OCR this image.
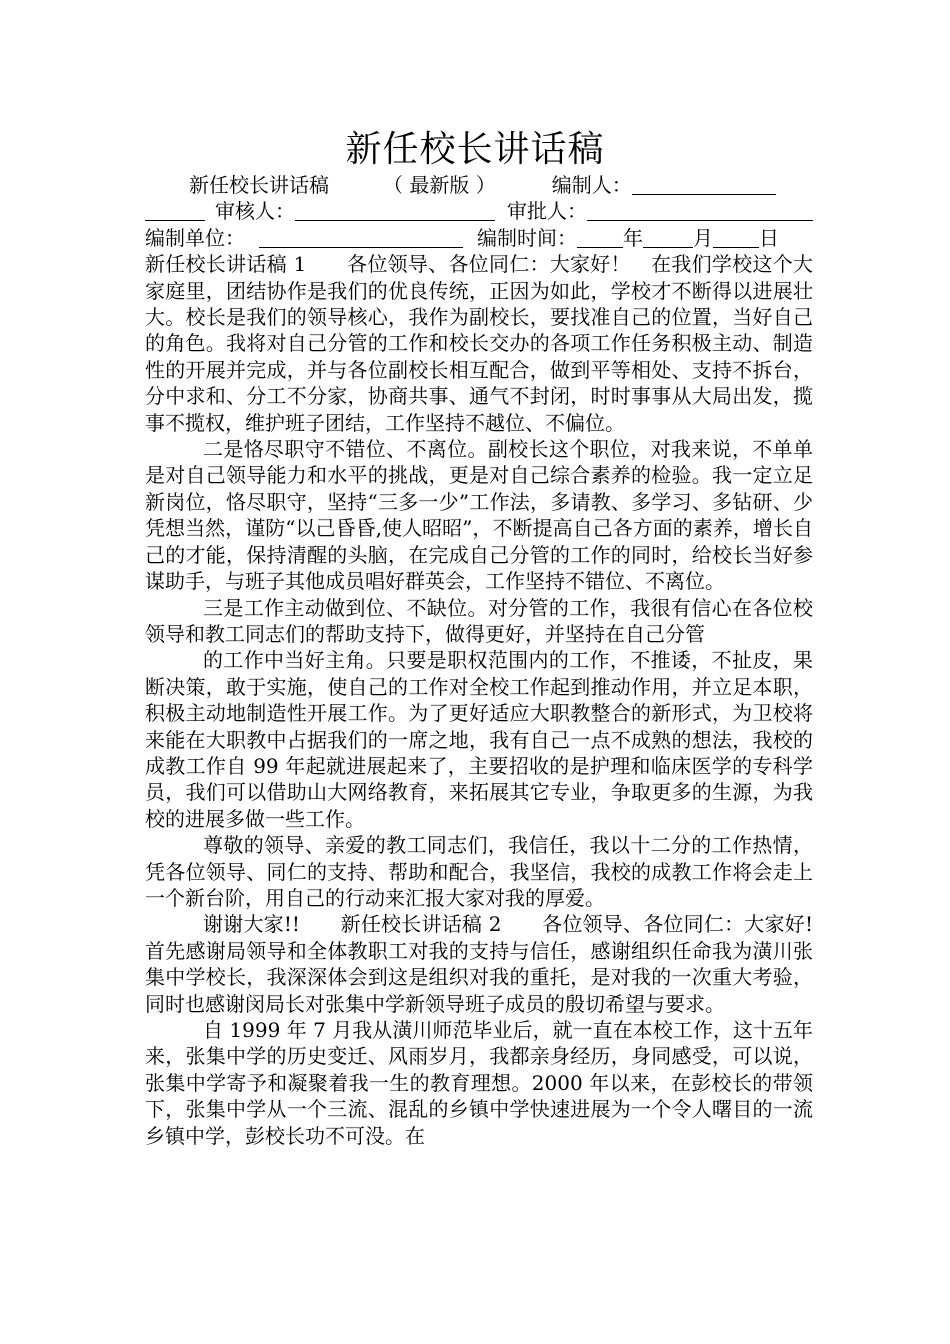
新任校长讲话稿

新任校长讲话稿	（ 最新版 ）	编制人：

审核人：	审批人：

编制单位：	编制时间： 年	月 日

新任校长讲话稿 1　　各位领导、各位同仁：大家好！　在我们学校这个大家庭里，团结协作是我们的优良传统，正因为如此，学校才不断得以进展壮大。校长是我们的领导核心，我作为副校长，要找准自己的位置，当好自己的角色。我将对自己分管的工作和校长交办的各项工作任务积极主动、制造性的开展并完成，并与各位副校长相互配合，做到平等相处、支持不拆台，分中求和、分工不分家，协商共事、通气不封闭，时时事事从大局出发，揽事不揽权，维护班子团结，工作坚持不越位、不偏位。

二是恪尽职守不错位、不离位。副校长这个职位，对我来说，不单单是对自己领导能力和水平的挑战，更是对自己综合素养的检验。我一定立足新岗位，恪尽职守，坚持“三多一少”工作法，多请教、多学习、多钻研、少凭想当然，谨防“以己昏昏,使人昭昭”，不断提高自己各方面的素养，增长自己的才能，保持清醒的头脑，在完成自己分管的工作的同时，给校长当好参谋助手，与班子其他成员唱好群英会，工作坚持不错位、不离位。

三是工作主动做到位、不缺位。对分管的工作，我很有信心在各位校领导和教工同志们的帮助支持下，做得更好，并坚持在自己分管

的工作中当好主角。只要是职权范围内的工作，不推诿，不扯皮，果断决策，敢于实施，使自己的工作对全校工作起到推动作用，并立足本职，积极主动地制造性开展工作。为了更好适应大职教整合的新形式，为卫校将来能在大职教中占据我们的一席之地，我有自己一点不成熟的想法，我校的成教工作自 99 年起就进展起来了，主要招收的是护理和临床医学的专科学员，我们可以借助山大网络教育，来拓展其它专业，争取更多的生源，为我校的进展多做一些工作。

尊敬的领导、亲爱的教工同志们，我信任，我以十二分的工作热情，凭各位领导、同仁的支持、帮助和配合，我坚信，我校的成教工作将会走上一个新台阶，用自己的行动来汇报大家对我的厚爱。

谢谢大家!!　　新任校长讲话稿 2　　各位领导、各位同仁：大家好!　　首先感谢局领导和全体教职工对我的支持与信任，感谢组织任命我为潢川张集中学校长，我深深体会到这是组织对我的重托，是对我的一次重大考验，同时也感谢闵局长对张集中学新领导班子成员的殷切希望与要求。

自 1999 年 7 月我从潢川师范毕业后，就一直在本校工作，这十五年来，张集中学的历史变迁、风雨岁月，我都亲身经历，身同感受，可以说，张集中学寄予和凝聚着我一生的教育理想。2000 年以来，在彭校长的带领下，张集中学从一个三流、混乱的乡镇中学快速进展为一个令人曙目的一流乡镇中学，彭校长功不可没。在
